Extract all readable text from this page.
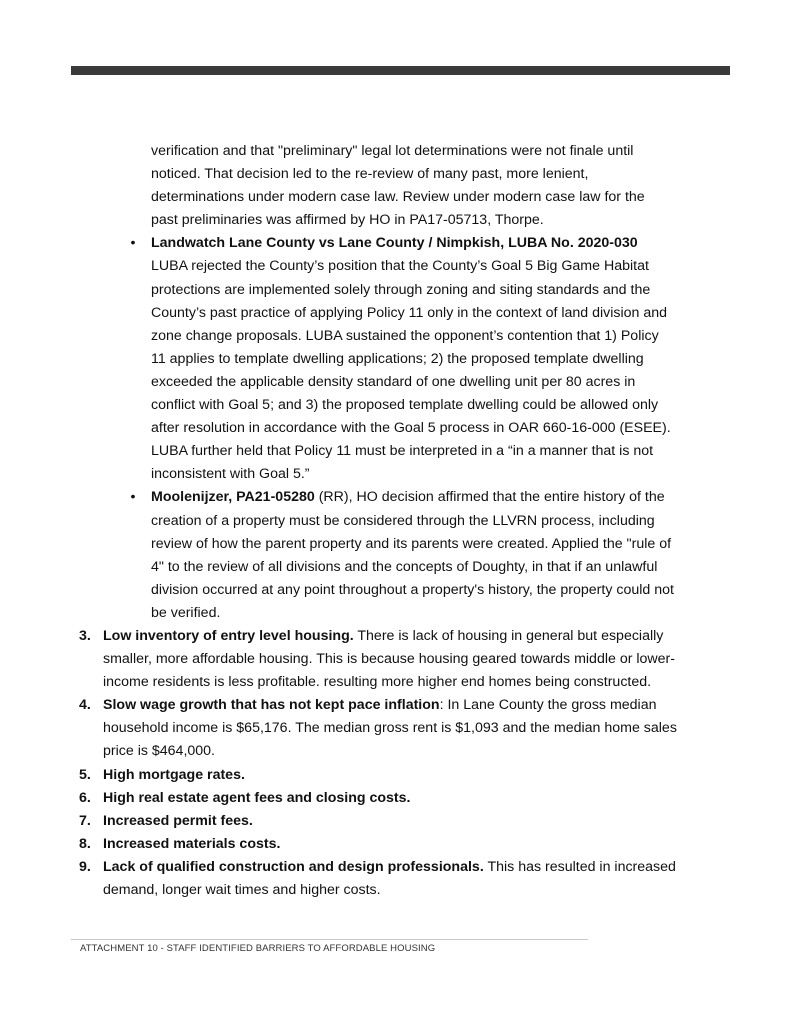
verification and that "preliminary" legal lot determinations were not finale until noticed. That decision led to the re-review of many past, more lenient, determinations under modern case law. Review under modern case law for the past preliminaries was affirmed by HO in PA17-05713, Thorpe.

•	Landwatch Lane County vs Lane County / Nimpkish, LUBA No. 2020-030 LUBA rejected the County’s position that the County’s Goal 5 Big Game Habitat protections are implemented solely through zoning and siting standards and the County’s past practice of applying Policy 11 only in the context of land division and zone change proposals. LUBA sustained the opponent’s contention that 1) Policy 11 applies to template dwelling applications; 2) the proposed template dwelling exceeded the applicable density standard of one dwelling unit per 80 acres in conflict with Goal 5; and 3) the proposed template dwelling could be allowed only after resolution in accordance with the Goal 5 process in OAR 660-16-000 (ESEE). LUBA further held that Policy 11 must be interpreted in a “in a manner that is not inconsistent with Goal 5.”

•	Moolenijzer, PA21-05280 (RR), HO decision affirmed that the entire history of the creation of a property must be considered through the LLVRN process, including review of how the parent property and its parents were created. Applied the "rule of 4" to the review of all divisions and the concepts of Doughty, in that if an unlawful division occurred at any point throughout a property's history, the property could not be verified.

3. Low inventory of entry level housing. There is lack of housing in general but especially smaller, more affordable housing. This is because housing geared towards middle or lower-income residents is less profitable. resulting more higher end homes being constructed.

4. Slow wage growth that has not kept pace inflation: In Lane County the gross median household income is $65,176. The median gross rent is $1,093 and the median home sales price is $464,000.

5. High mortgage rates.

6. High real estate agent fees and closing costs.

7. Increased permit fees.

8. Increased materials costs.

9. Lack of qualified construction and design professionals. This has resulted in increased demand, longer wait times and higher costs.

ATTACHMENT 10 - STAFF IDENTIFIED BARRIERS TO AFFORDABLE HOUSING
